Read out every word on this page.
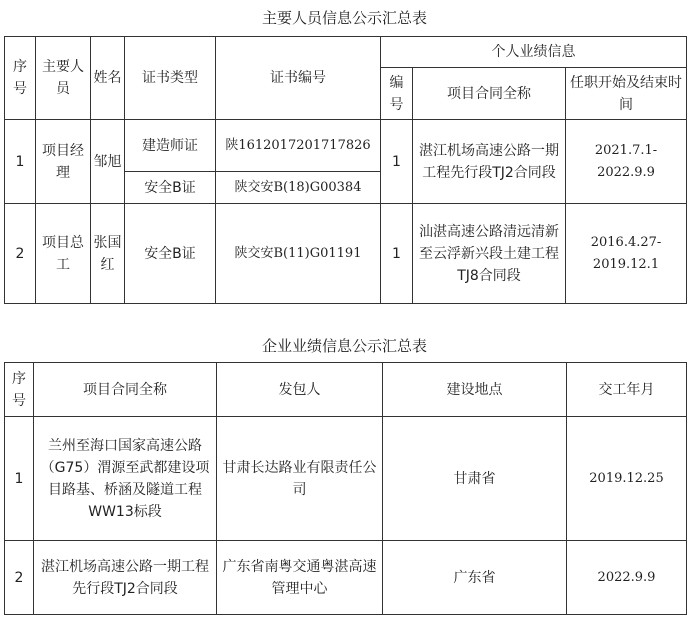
主要人员信息公示汇总表
序号	主要人员	姓名	证书类型	证书编号	个人业绩信息		
					编号	项目合同全称	任职开始及结束时间
1	项目经理	邹旭	建造师证	陕1612017201717826	1	湛江机场高速公路一期工程先行段TJ2合同段	2021.7.1-2022.9.9
			安全B证	陕交安B(18)G00384			
2	项目总工	张国红	安全B证	陕交安B(11)G01191	1	汕湛高速公路清远清新至云浮新兴段土建工程TJ8合同段	2016.4.27-2019.12.1
企业业绩信息公示汇总表
序号	项目合同全称	发包人	建设地点	交工年月
1	兰州至海口国家高速公路（G75）渭源至武都建设项目路基、桥涵及隧道工程WW13标段	甘肃长达路业有限责任公司	甘肃省	2019.12.25
2	湛江机场高速公路一期工程先行段TJ2合同段	广东省南粤交通粤湛高速管理中心	广东省	2022.9.9
